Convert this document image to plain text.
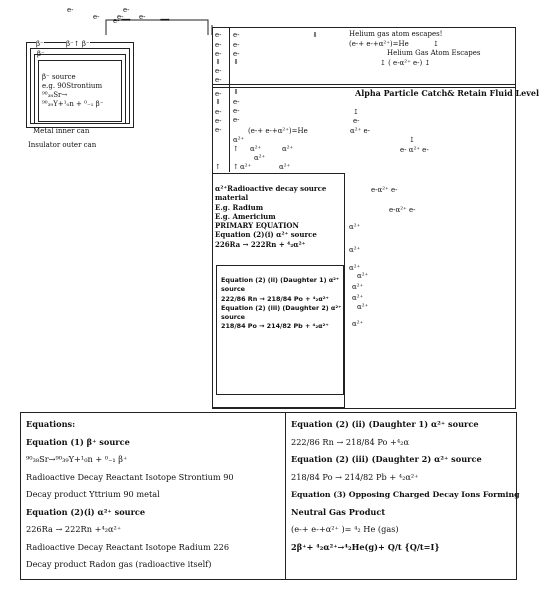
e-
e- e- e-
e-
e- ⟹	⟹
β⁻	β⁻↑ β⁻
β⁻
β⁻ source
e.g. 90Strontium
⁹⁰₃₈Sr→
⁹⁰₃₉Y+¹₀n + ⁰₋₁ β⁻
Metal inner can
Insulator outer can
e-
e-
e-
⇓
e-
e-
e-
e-
e-
⇓
⇓	Helium gas atom escapes!
(e-+ e-+α²⁺)=He	↥
Helium Gas Atom Escapes
↥ ( e-α²⁺ e-) ↥
Alpha Particle Catch& Retain Fluid Level
e-
⇓
e-
e-
e-
⇓
e-
e-
e-
↥
e-
(e-+ e-+α²⁺)=He	α²⁺ e-
↥
e- α²⁺ e-
α²⁺
↑ α²⁺	α²⁺
α²⁺
↑ ↑ α²⁺	α²⁺
α²⁺Radioactive decay source
material
E.g. Radium
E.g. Americium
PRIMARY EQUATION
Equation (2)(i) α²⁺ source
226Ra → 222Rn + ⁴₂α²⁺
Equation (2) (ii) (Daughter 1) α²⁺
source
222/86 Rn → 218/84 Po + ⁴₂α²⁺
Equation (2) (iii) (Daughter 2) α²⁺
source
218/84 Po → 214/82 Pb + ⁴₂α²⁺
e-α²⁺ e-
e-α²⁺ e-
α²⁺
α²⁺
α²⁺
α²⁺
α²⁺
α²⁺
α²⁺
α²⁺
Equations:
Equation (1) β⁺ source
⁹⁰₃₈Sr→⁹⁰₃₉Y+¹₀n + ⁰₋₁ β⁺
Radioactive Decay Reactant Isotope Strontium 90
Decay product Yttrium 90 metal
Equation (2)(i) α²⁺ source
226Ra → 222Rn +⁴₂α²⁺
Radioactive Decay Reactant Isotope Radium 226
Decay product Radon gas (radioactive itself)
Equation (2) (ii) (Daughter 1) α²⁺ source
222/86 Rn → 218/84 Po +⁴₂α
Equation (2) (iii) (Daughter 2) α²⁺ source
218/84 Po → 214/82 Pb + ⁴₂α²⁺
Equation (3) Opposing Charged Decay Ions Forming
Neutral Gas Product
(e-+ e-+α²⁺ )= ⁴₂ He (gas)
2β⁺+ ⁴₂α²⁺→⁴₂He(g)+ Q/t {Q/t=I}
